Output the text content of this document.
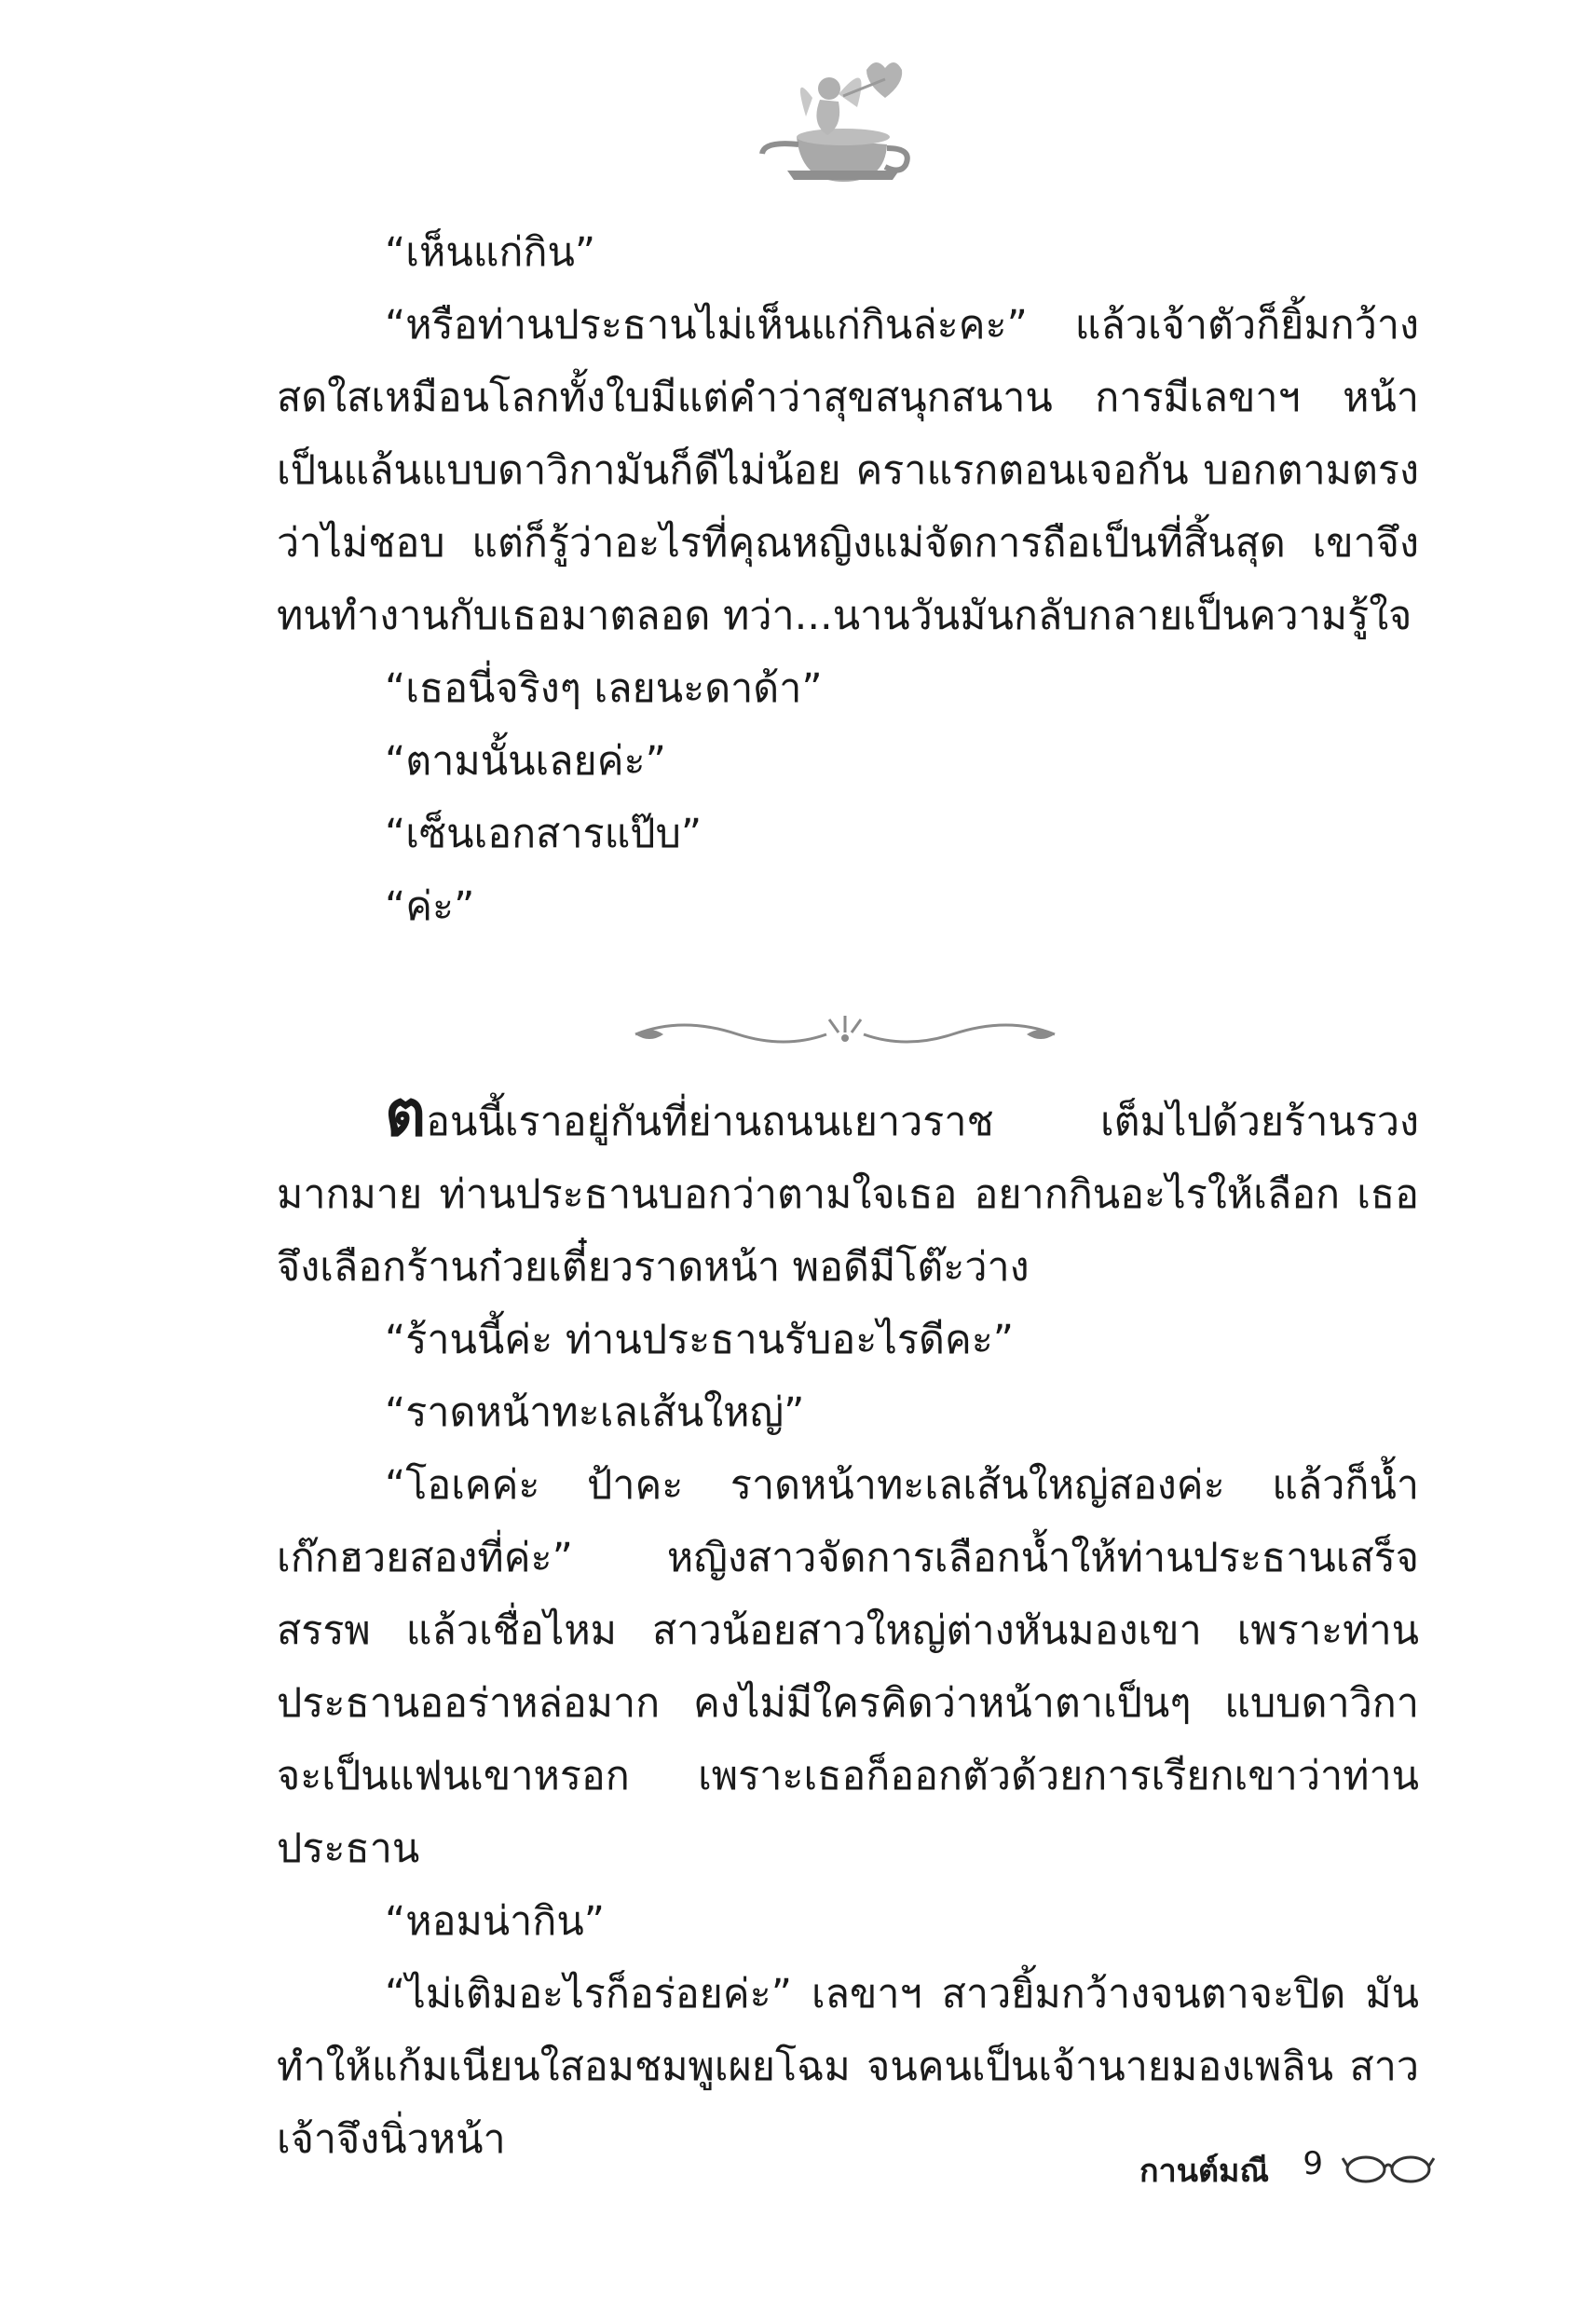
“เห็นแก่กิน”

“หรือท่านประธานไม่เห็นแก่กินล่ะคะ” แล้วเจ้าตัวก็ยิ้มกว้างสดใสเหมือนโลกทั้งใบมีแต่คำว่าสุขสนุกสนาน การมีเลขาฯ หน้าเป็นแล้นแบบดาวิกามันก็ดีไม่น้อย คราแรกตอนเจอกัน บอกตามตรงว่าไม่ชอบ แต่ก็รู้ว่าอะไรที่คุณหญิงแม่จัดการถือเป็นที่สิ้นสุด เขาจึงทนทำงานกับเธอมาตลอด ทว่า...นานวันมันกลับกลายเป็นความรู้ใจ

“เธอนี่จริงๆ เลยนะดาด้า”

“ตามนั้นเลยค่ะ”

“เซ็นเอกสารแป๊บ”

“ค่ะ”

ตอนนี้เราอยู่กันที่ย่านถนนเยาวราช เต็มไปด้วยร้านรวงมากมาย ท่านประธานบอกว่าตามใจเธอ อยากกินอะไรให้เลือก เธอจึงเลือกร้านก๋วยเตี๋ยวราดหน้า พอดีมีโต๊ะว่าง

“ร้านนี้ค่ะ ท่านประธานรับอะไรดีคะ”

“ราดหน้าทะเลเส้นใหญ่”

“โอเคค่ะ ป้าคะ ราดหน้าทะเลเส้นใหญ่สองค่ะ แล้วก็น้ำเก๊กฮวยสองที่ค่ะ” หญิงสาวจัดการเลือกน้ำให้ท่านประธานเสร็จสรรพ แล้วเชื่อไหม สาวน้อยสาวใหญ่ต่างหันมองเขา เพราะท่านประธานออร่าหล่อมาก คงไม่มีใครคิดว่าหน้าตาเป็นๆ แบบดาวิกาจะเป็นแฟนเขาหรอก เพราะเธอก็ออกตัวด้วยการเรียกเขาว่าท่านประธาน

“หอมน่ากิน”

“ไม่เติมอะไรก็อร่อยค่ะ” เลขาฯ สาวยิ้มกว้างจนตาจะปิด มันทำให้แก้มเนียนใสอมชมพูเผยโฉม จนคนเป็นเจ้านายมองเพลิน สาวเจ้าจึงนิ่วหน้า

กานต์มณี 9
